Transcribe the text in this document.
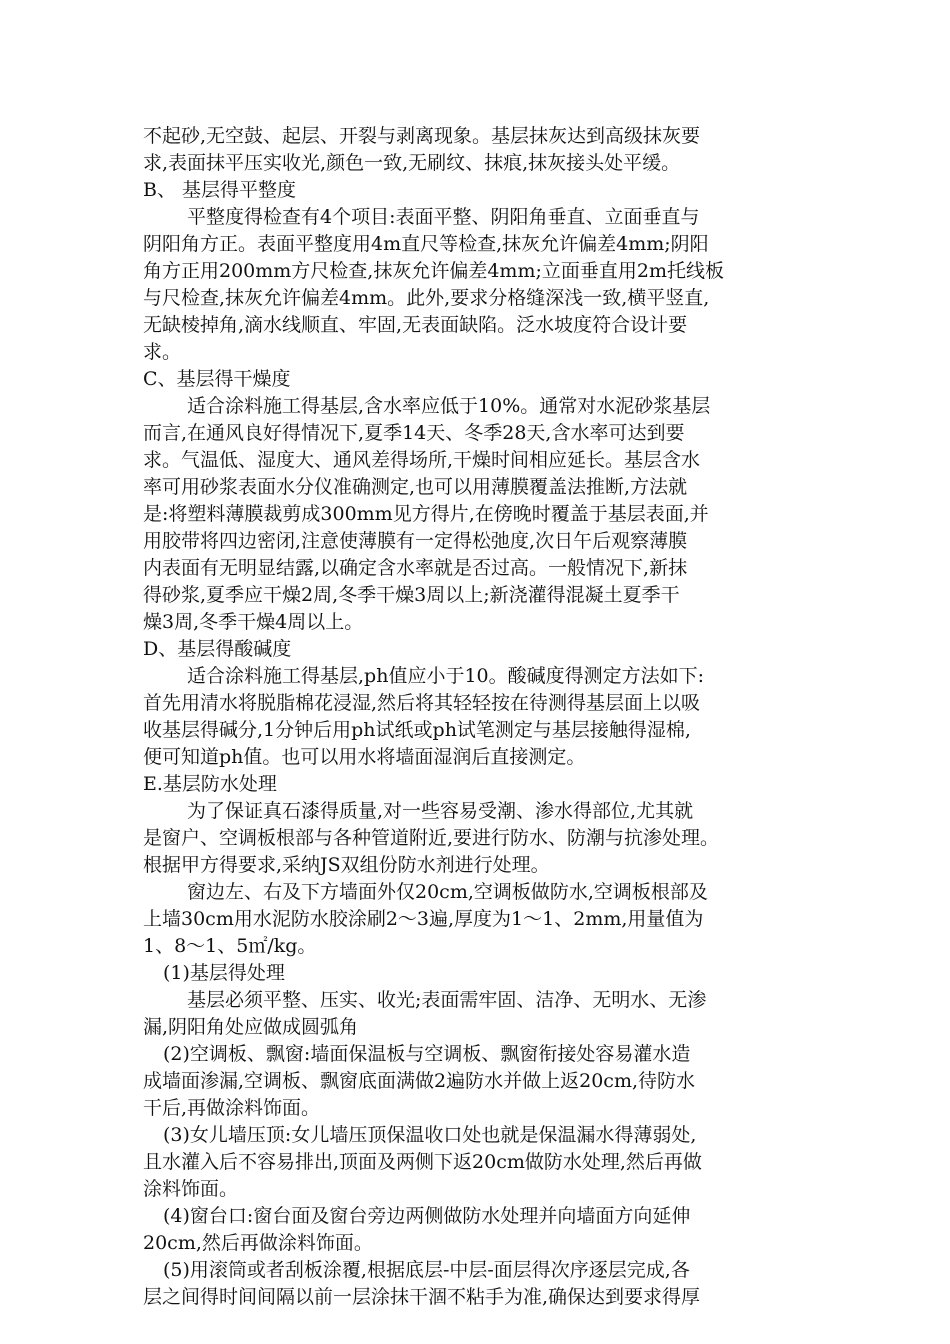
不起砂,无空鼓、起层、开裂与剥离现象。基层抹灰达到高级抹灰要
求,表面抹平压实收光,颜色一致,无刷纹、抹痕,抹灰接头处平缓。
B、 基层得平整度
平整度得检查有4个项目:表面平整、阴阳角垂直、立面垂直与
阴阳角方正。表面平整度用4m直尺等检查,抹灰允许偏差4mm;阴阳
角方正用200mm方尺检查,抹灰允许偏差4mm;立面垂直用2m托线板
与尺检查,抹灰允许偏差4mm。此外,要求分格缝深浅一致,横平竖直,
无缺棱掉角,滴水线顺直、牢固,无表面缺陷。泛水坡度符合设计要
求。
C、基层得干燥度
适合涂料施工得基层,含水率应低于10%。通常对水泥砂浆基层
而言,在通风良好得情况下,夏季14天、冬季28天,含水率可达到要
求。气温低、湿度大、通风差得场所,干燥时间相应延长。基层含水
率可用砂浆表面水分仪准确测定,也可以用薄膜覆盖法推断,方法就
是:将塑料薄膜裁剪成300mm见方得片,在傍晚时覆盖于基层表面,并
用胶带将四边密闭,注意使薄膜有一定得松弛度,次日午后观察薄膜
内表面有无明显结露,以确定含水率就是否过高。一般情况下,新抹
得砂浆,夏季应干燥2周,冬季干燥3周以上;新浇灌得混凝土夏季干
燥3周,冬季干燥4周以上。
D、基层得酸碱度
适合涂料施工得基层,ph值应小于10。酸碱度得测定方法如下:
首先用清水将脱脂棉花浸湿,然后将其轻轻按在待测得基层面上以吸
收基层得碱分,1分钟后用ph试纸或ph试笔测定与基层接触得湿棉,
便可知道ph值。也可以用水将墙面湿润后直接测定。
E.基层防水处理
为了保证真石漆得质量,对一些容易受潮、渗水得部位,尤其就
是窗户、空调板根部与各种管道附近,要进行防水、防潮与抗渗处理。
根据甲方得要求,采纳JS双组份防水剂进行处理。
窗边左、右及下方墙面外仅20cm,空调板做防水,空调板根部及
上墙30cm用水泥防水胶涂刷2～3遍,厚度为1～1、2mm,用量值为
1、8～1、5㎡/kg。
(1)基层得处理
基层必须平整、压实、收光;表面需牢固、洁净、无明水、无渗
漏,阴阳角处应做成圆弧角
(2)空调板、飘窗:墙面保温板与空调板、飘窗衔接处容易灌水造
成墙面渗漏,空调板、飘窗底面满做2遍防水并做上返20cm,待防水
干后,再做涂料饰面。
(3)女儿墙压顶:女儿墙压顶保温收口处也就是保温漏水得薄弱处,
且水灌入后不容易排出,顶面及两侧下返20cm做防水处理,然后再做
涂料饰面。
(4)窗台口:窗台面及窗台旁边两侧做防水处理并向墙面方向延伸
20cm,然后再做涂料饰面。
(5)用滚筒或者刮板涂覆,根据底层-中层-面层得次序逐层完成,各
层之间得时间间隔以前一层涂抹干涸不粘手为准,确保达到要求得厚
